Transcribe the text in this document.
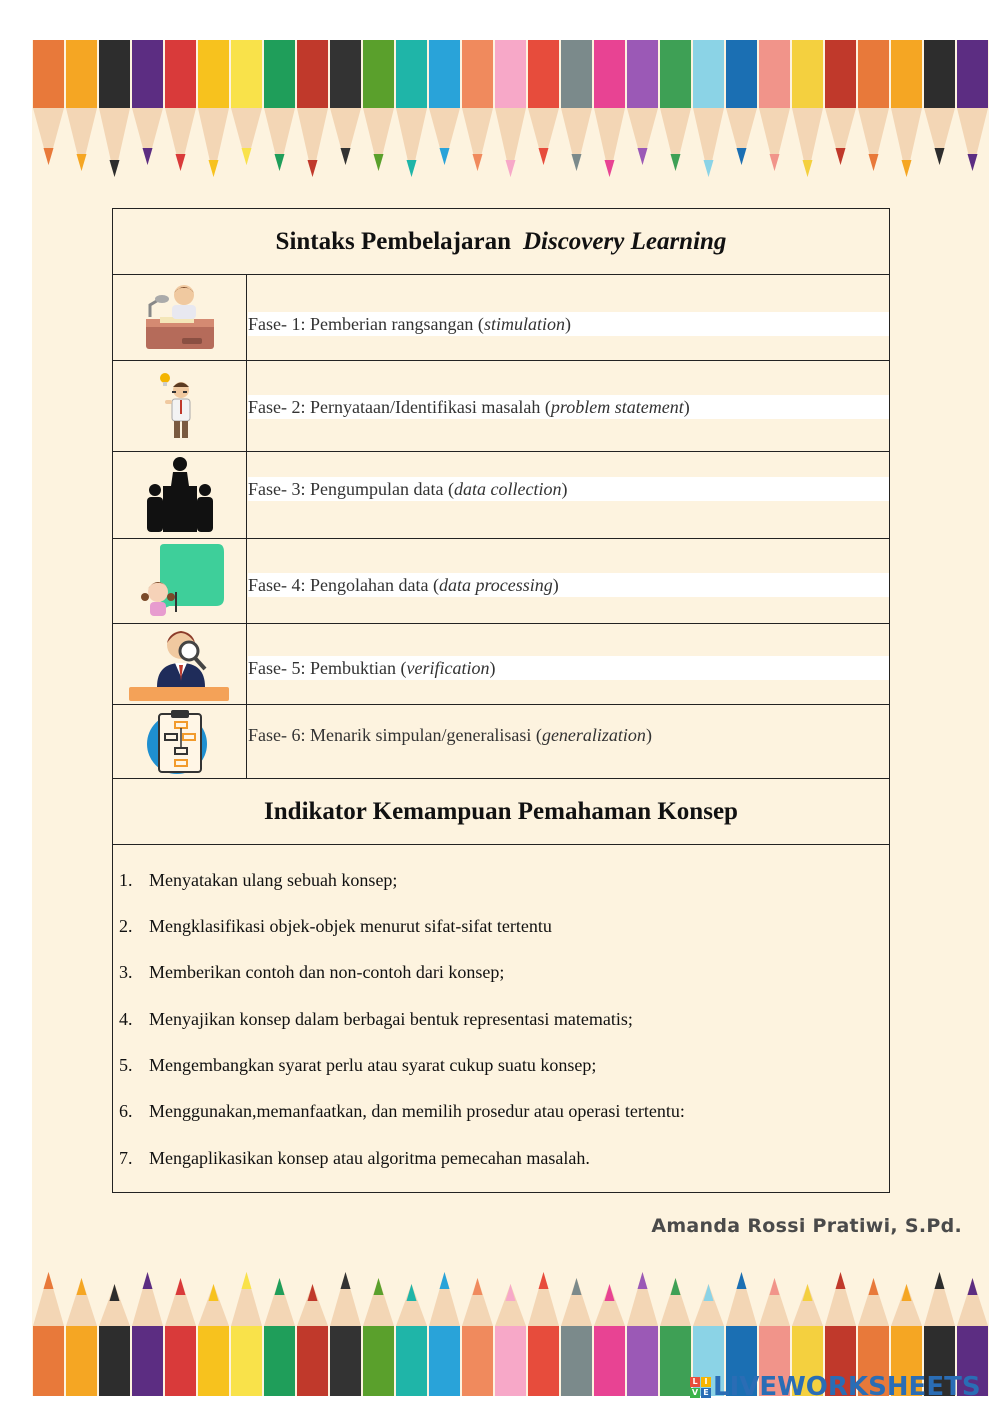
Sintaks Pembelajaran Discovery Learning
Fase- 1: Pemberian rangsangan (stimulation)
Fase- 2: Pernyataan/Identifikasi masalah (problem statement)
Fase- 3: Pengumpulan data (data collection)
Fase- 4: Pengolahan data (data processing)
Fase- 5: Pembuktian (verification)
Fase- 6: Menarik simpulan/generalisasi (generalization)
Indikator Kemampuan Pemahaman Konsep
1. Menyatakan ulang sebuah konsep;
2. Mengklasifikasi objek-objek menurut sifat-sifat tertentu
3. Memberikan contoh dan non-contoh dari konsep;
4. Menyajikan konsep dalam berbagai bentuk representasi matematis;
5. Mengembangkan syarat perlu atau syarat cukup suatu konsep;
6. Menggunakan,memanfaatkan, dan memilih prosedur atau operasi tertentu:
7. Mengaplikasikan konsep atau algoritma pemecahan masalah.
Amanda Rossi Pratiwi, S.Pd.
L I
V E LIVEWORKSHEETS
